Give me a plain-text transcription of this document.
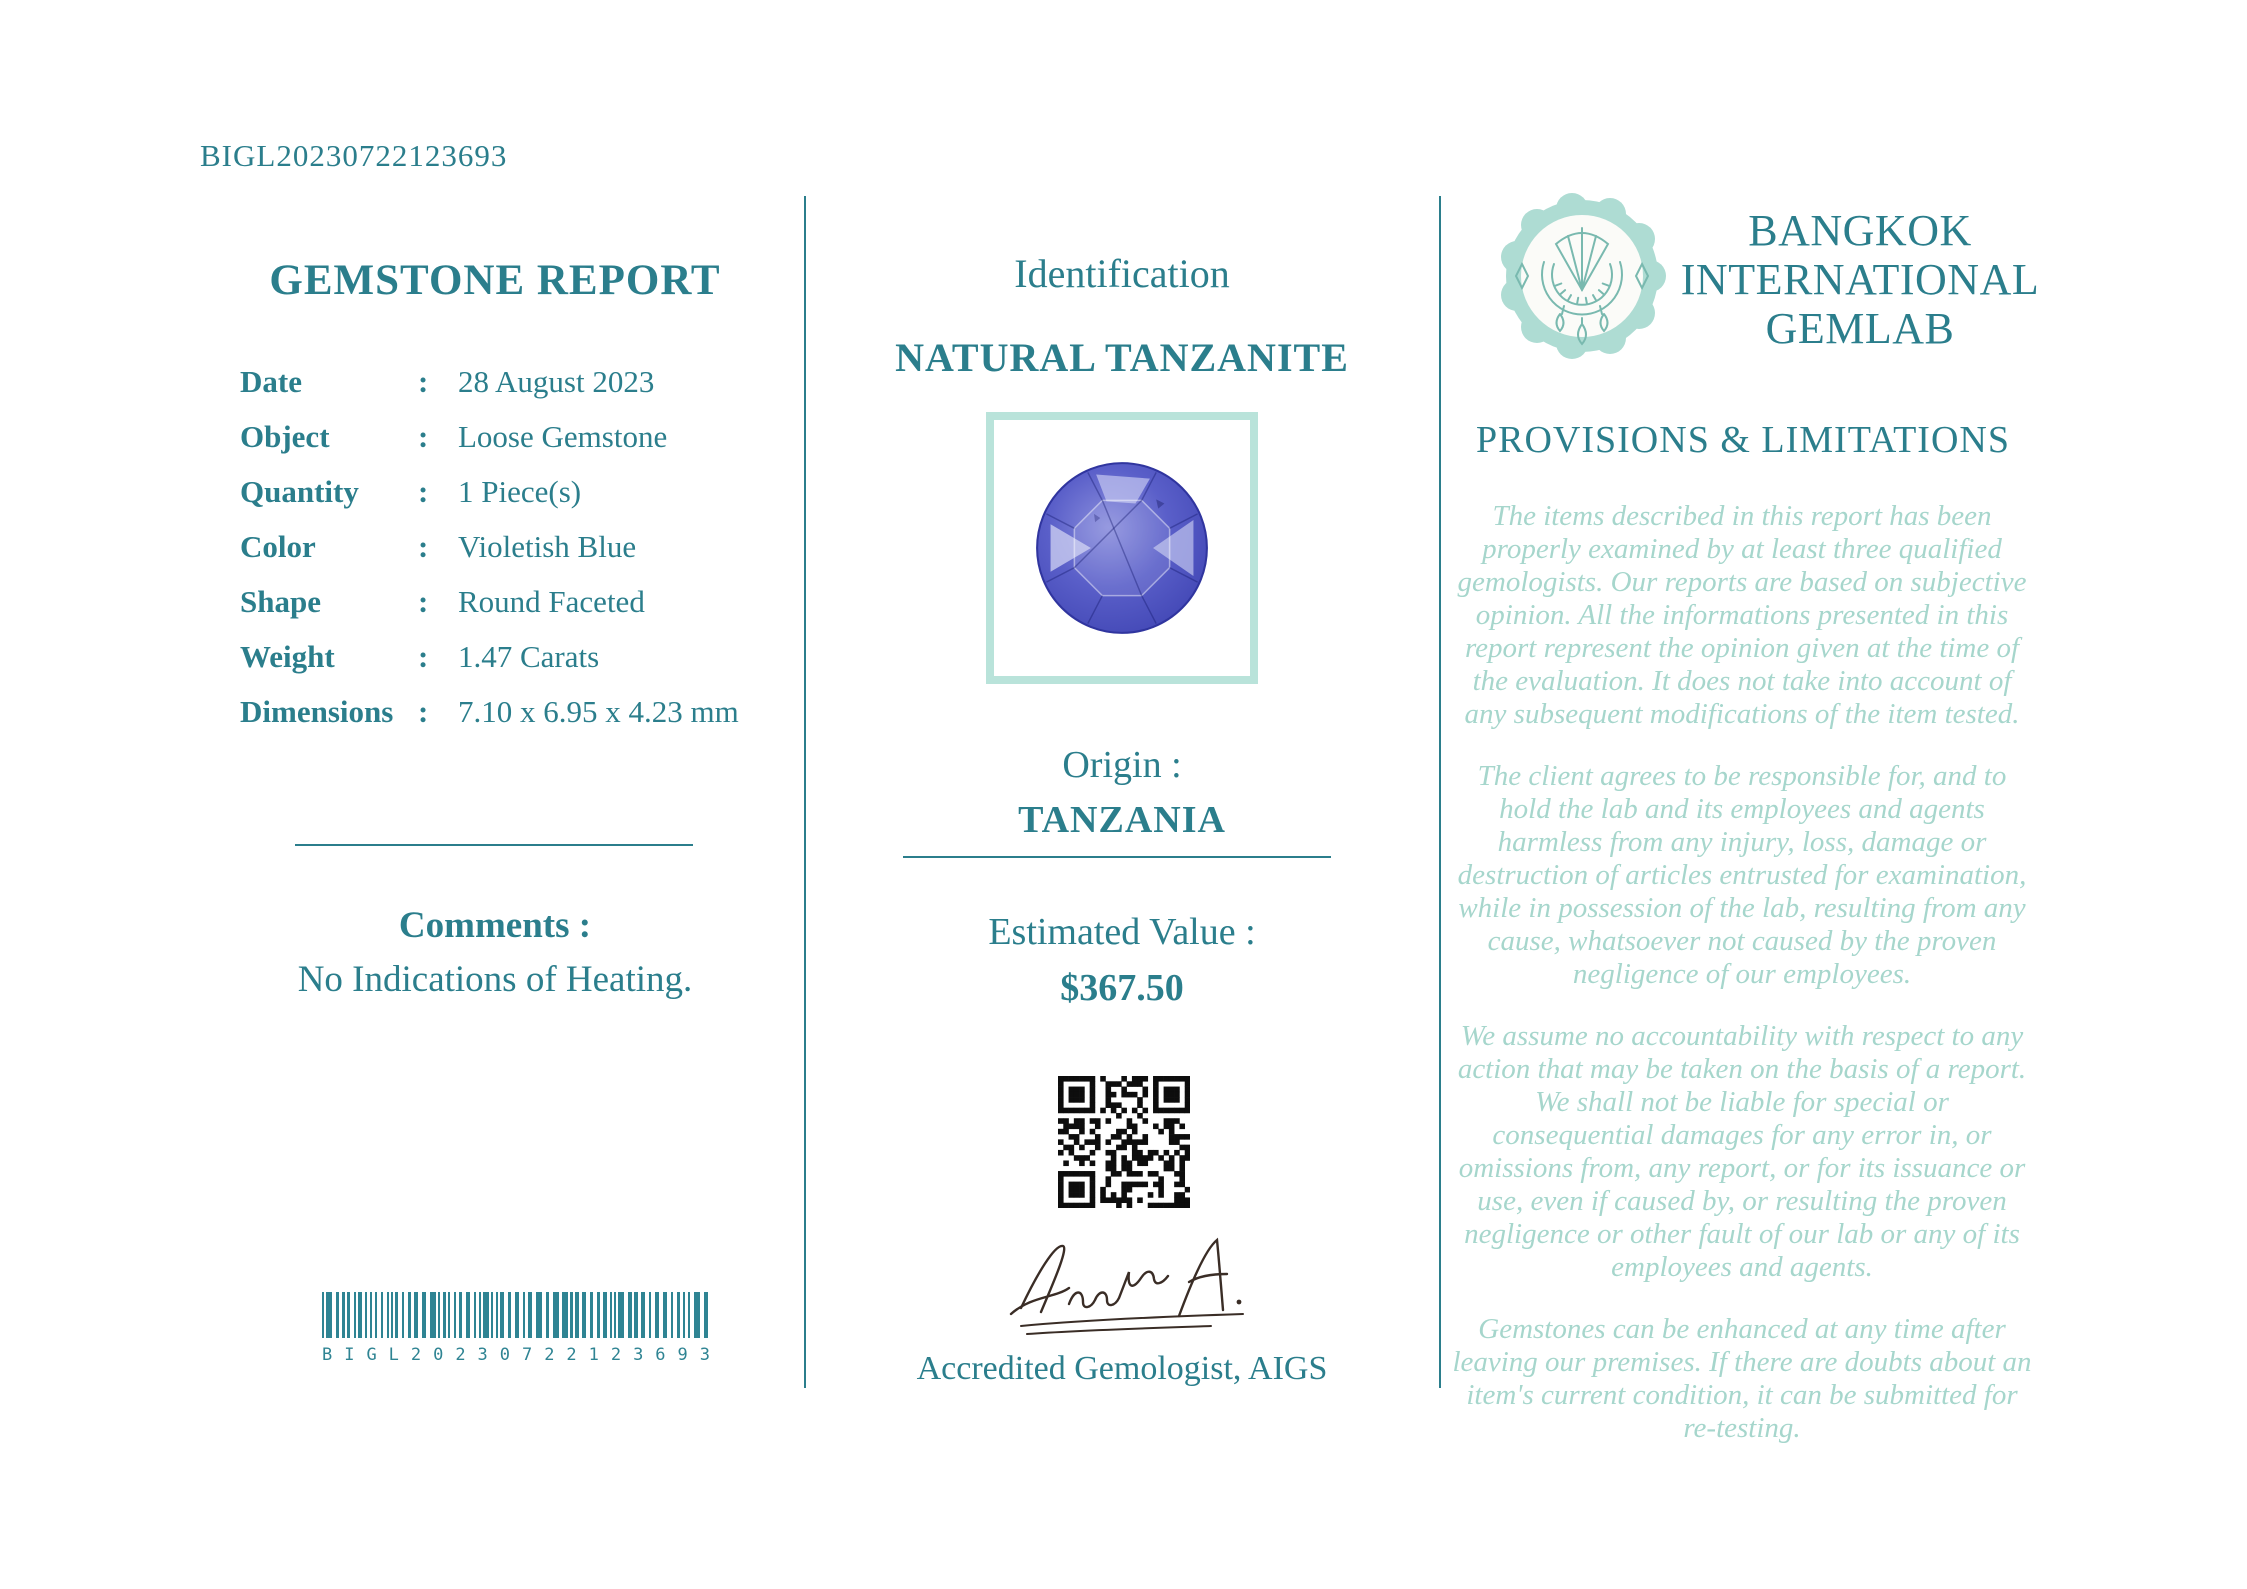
BIGL20230722123693
GEMSTONE REPORT
Date	: 28 August 2023
Object	: Loose Gemstone
Quantity	: 1 Piece(s)
Color	: Violetish Blue
Shape	: Round Faceted
Weight	: 1.47 Carats
Dimensions : 7.10 x 6.95 x 4.23 mm
Comments :
No Indications of Heating.
B I G L 2 0 2 3 0 7 2 2 1 2 3 6 9 3
Identification
NATURAL TANZANITE
Origin :
TANZANIA
Estimated Value :
$367.50
Accredited Gemologist, AIGS
BANGKOK
INTERNATIONAL
GEMLAB
PROVISIONS & LIMITATIONS

The items described in this report has been properly examined by at least three qualified gemologists. Our reports are based on subjective opinion. All the informations presented in this report represent the opinion given at the time of the evaluation. It does not take into account of any subsequent modifications of the item tested.

The client agrees to be responsible for, and to hold the lab and its employees and agents harmless from any injury, loss, damage or destruction of articles entrusted for examination, while in possession of the lab, resulting from any cause, whatsoever not caused by the proven negligence of our employees.

We assume no accountability with respect to any action that may be taken on the basis of a report. We shall not be liable for special or consequential damages for any error in, or omissions from, any report, or for its issuance or use, even if caused by, or resulting the proven negligence or other fault of our lab or any of its employees and agents.

Gemstones can be enhanced at any time after leaving our premises. If there are doubts about an item's current condition, it can be submitted for re-testing.
